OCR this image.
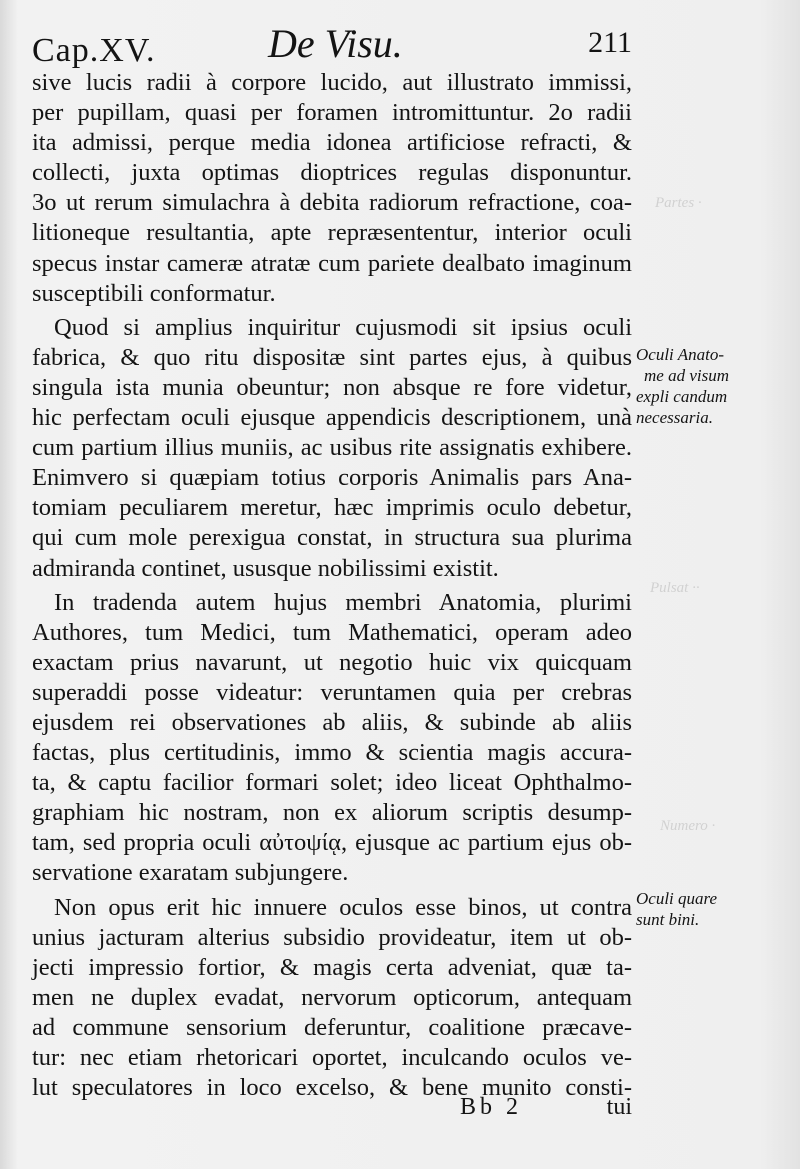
Partes ·
Pulsat ··
Numero ·
Cap.XV.	De Visu.	211
sive lucis radii à corpore lucido, aut illustrato immissi,
per pupillam, quasi per foramen intromittuntur. 2o radii
ita admissi, perque media idonea artificiose refracti, &
collecti, juxta optimas dioptrices regulas disponuntur.
3o ut rerum simulachra à debita radiorum refractione, coa-
litioneque resultantia, apte repræsententur, interior oculi
specus instar cameræ atratæ cum pariete dealbato imaginum
susceptibili conformatur.
Quod si amplius inquiritur cujusmodi sit ipsius oculi
fabrica, & quo ritu dispositæ sint partes ejus, à quibus
singula ista munia obeuntur; non absque re fore videtur,
hic perfectam oculi ejusque appendicis descriptionem, unà
cum partium illius muniis, ac usibus rite assignatis exhibere.
Enimvero si quæpiam totius corporis Animalis pars Ana-
tomiam peculiarem meretur, hæc imprimis oculo debetur,
qui cum mole perexigua constat, in structura sua plurima
admiranda continet, ususque nobilissimi existit.
In tradenda autem hujus membri Anatomia, plurimi
Authores, tum Medici, tum Mathematici, operam adeo
exactam prius navarunt, ut negotio huic vix quicquam
superaddi posse videatur: veruntamen quia per crebras
ejusdem rei observationes ab aliis, & subinde ab aliis
factas, plus certitudinis, immo & scientia magis accura-
ta, & captu facilior formari solet; ideo liceat Ophthalmo-
graphiam hic nostram, non ex aliorum scriptis desump-
tam, sed propria oculi αὐτοψίᾳ, ejusque ac partium ejus ob-
servatione exaratam subjungere.
Non opus erit hic innuere oculos esse binos, ut contra
unius jacturam alterius subsidio provideatur, item ut ob-
jecti impressio fortior, & magis certa adveniat, quæ ta-
men ne duplex evadat, nervorum opticorum, antequam
ad commune sensorium deferuntur, coalitione præcave-
tur: nec etiam rhetoricari oportet, inculcando oculos ve-
lut speculatores in loco excelso, & bene munito consti-
Oculi Anato-
me ad visum
expli candum
necessaria.
Oculi quare
sunt bini.
Bb 2	tui
